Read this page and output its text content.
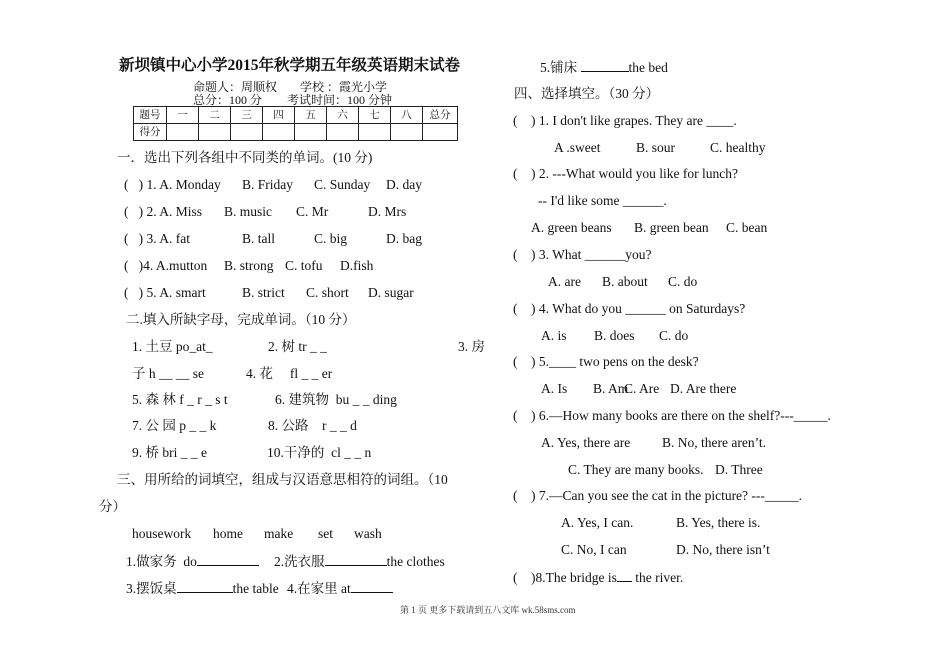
新坝镇中心小学2015年秋学期五年级英语期末试卷
命题人：周顺权 学校 ：霞光小学
总分：100 分 考试时间：100 分钟
题号	一	二	三	四	五	六	七	八	总分
得分									
一．选出下列各组中不同类的单词。(10 分)
(   ) 1. A. Monday B. Friday C. Sunday D. day
(   ) 2. A. Miss B. music C. Mr	D. Mrs
(   ) 3. A. fat	B. tall	C. big	D. bag
(   )4. A.mutton B. strong C. tofu D.fish
(   ) 5. A. smart	B. strict C. short D. sugar
二.填入所缺字母，完成单词。（10 分）
1. 土豆 po_at_	2. 树 tr _ _	3. 房
子 h __ __ se	4. 花     fl _ _ er
5. 森 林 f _ r _ s t	6. 建筑物  bu _ _ ding
7. 公 园 p _ _ k	8. 公路    r _ _ d
9. 桥 bri _ _ e	10.干净的  cl _ _ n
三、用所给的词填空，组成与汉语意思相符的词组。（10
分）
housework home make set wash
1.做家务  do	2.洗衣服	the clothes
3.摆饭桌	the table 4.在家里 at
5.铺床	the bed
四、选择填空。（30 分）
(    ) 1. I don't like grapes. They are ____.
A .sweet	B. sour	C. healthy
(    ) 2. ---What would you like for lunch?
-- I'd like some ______.
A. green beans B. green bean C. bean
(    ) 3. What ______you?
A. are B. about C. do
(    ) 4. What do you ______ on Saturdays?
A. is B. does C. do
(    ) 5.____ two pens on the desk?
A. Is B. Am
C. Are D. Are there
(    ) 6.—How many books are there on the shelf?---_____.
A. Yes, there are B. No, there aren’t.
C. They are many books. D. Three
(    ) 7.—Can you see the cat in the picture? ---_____.
A. Yes, I can.	B. Yes, there is.
C. No, I can	D. No, there isn’t
(    )8.The bridge is the river.
第 1 页 更多下载请到五八文库 wk.58sms.com
